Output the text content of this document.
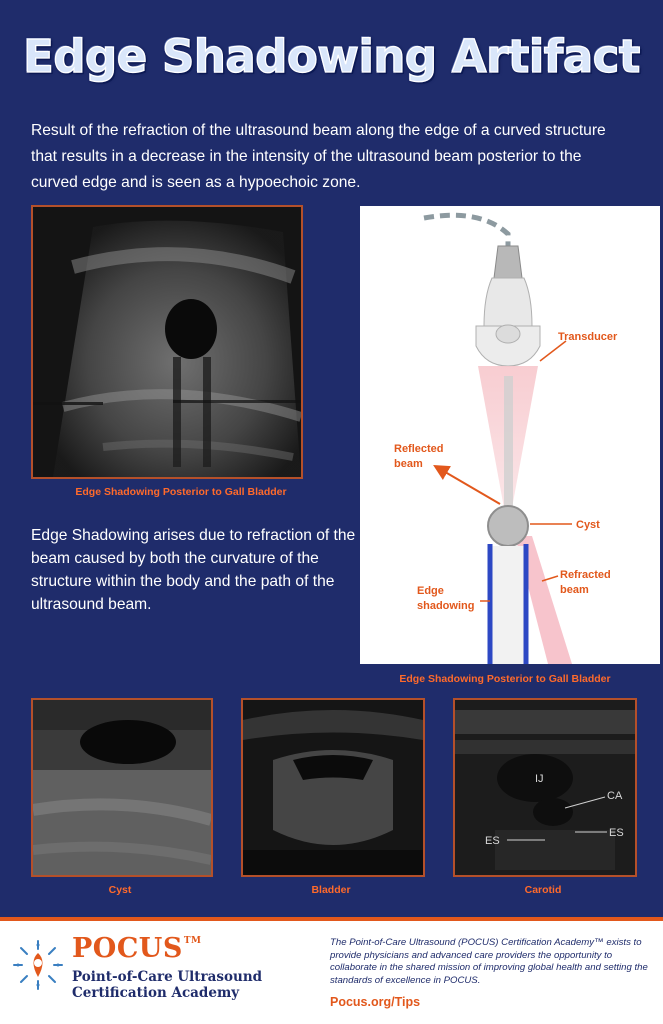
Edge Shadowing Artifact
Result of the refraction of the ultrasound beam along the edge of a curved structure that results in a decrease in the intensity of the ultrasound beam posterior to the curved edge and is seen as a hypoechoic zone.
Edge Shadowing Posterior to Gall Bladder
Edge Shadowing arises due to refraction of the beam caused by both the curvature of the structure within the body and the path of the ultrasound beam.
Transducer
Reflected
beam
Cyst
Refracted
beam
Edge
shadowing
Edge Shadowing Posterior to Gall Bladder
IJ
CA
ES
ES
Cyst	Bladder	Carotid
POCUS™
Point-of-Care Ultrasound
Certification Academy
The Point-of-Care Ultrasound (POCUS) Certification Academy™ exists to provide physicians and advanced care providers the opportunity to collaborate in the shared mission of improving global health and setting the standards of excellence in POCUS.
Pocus.org/Tips
